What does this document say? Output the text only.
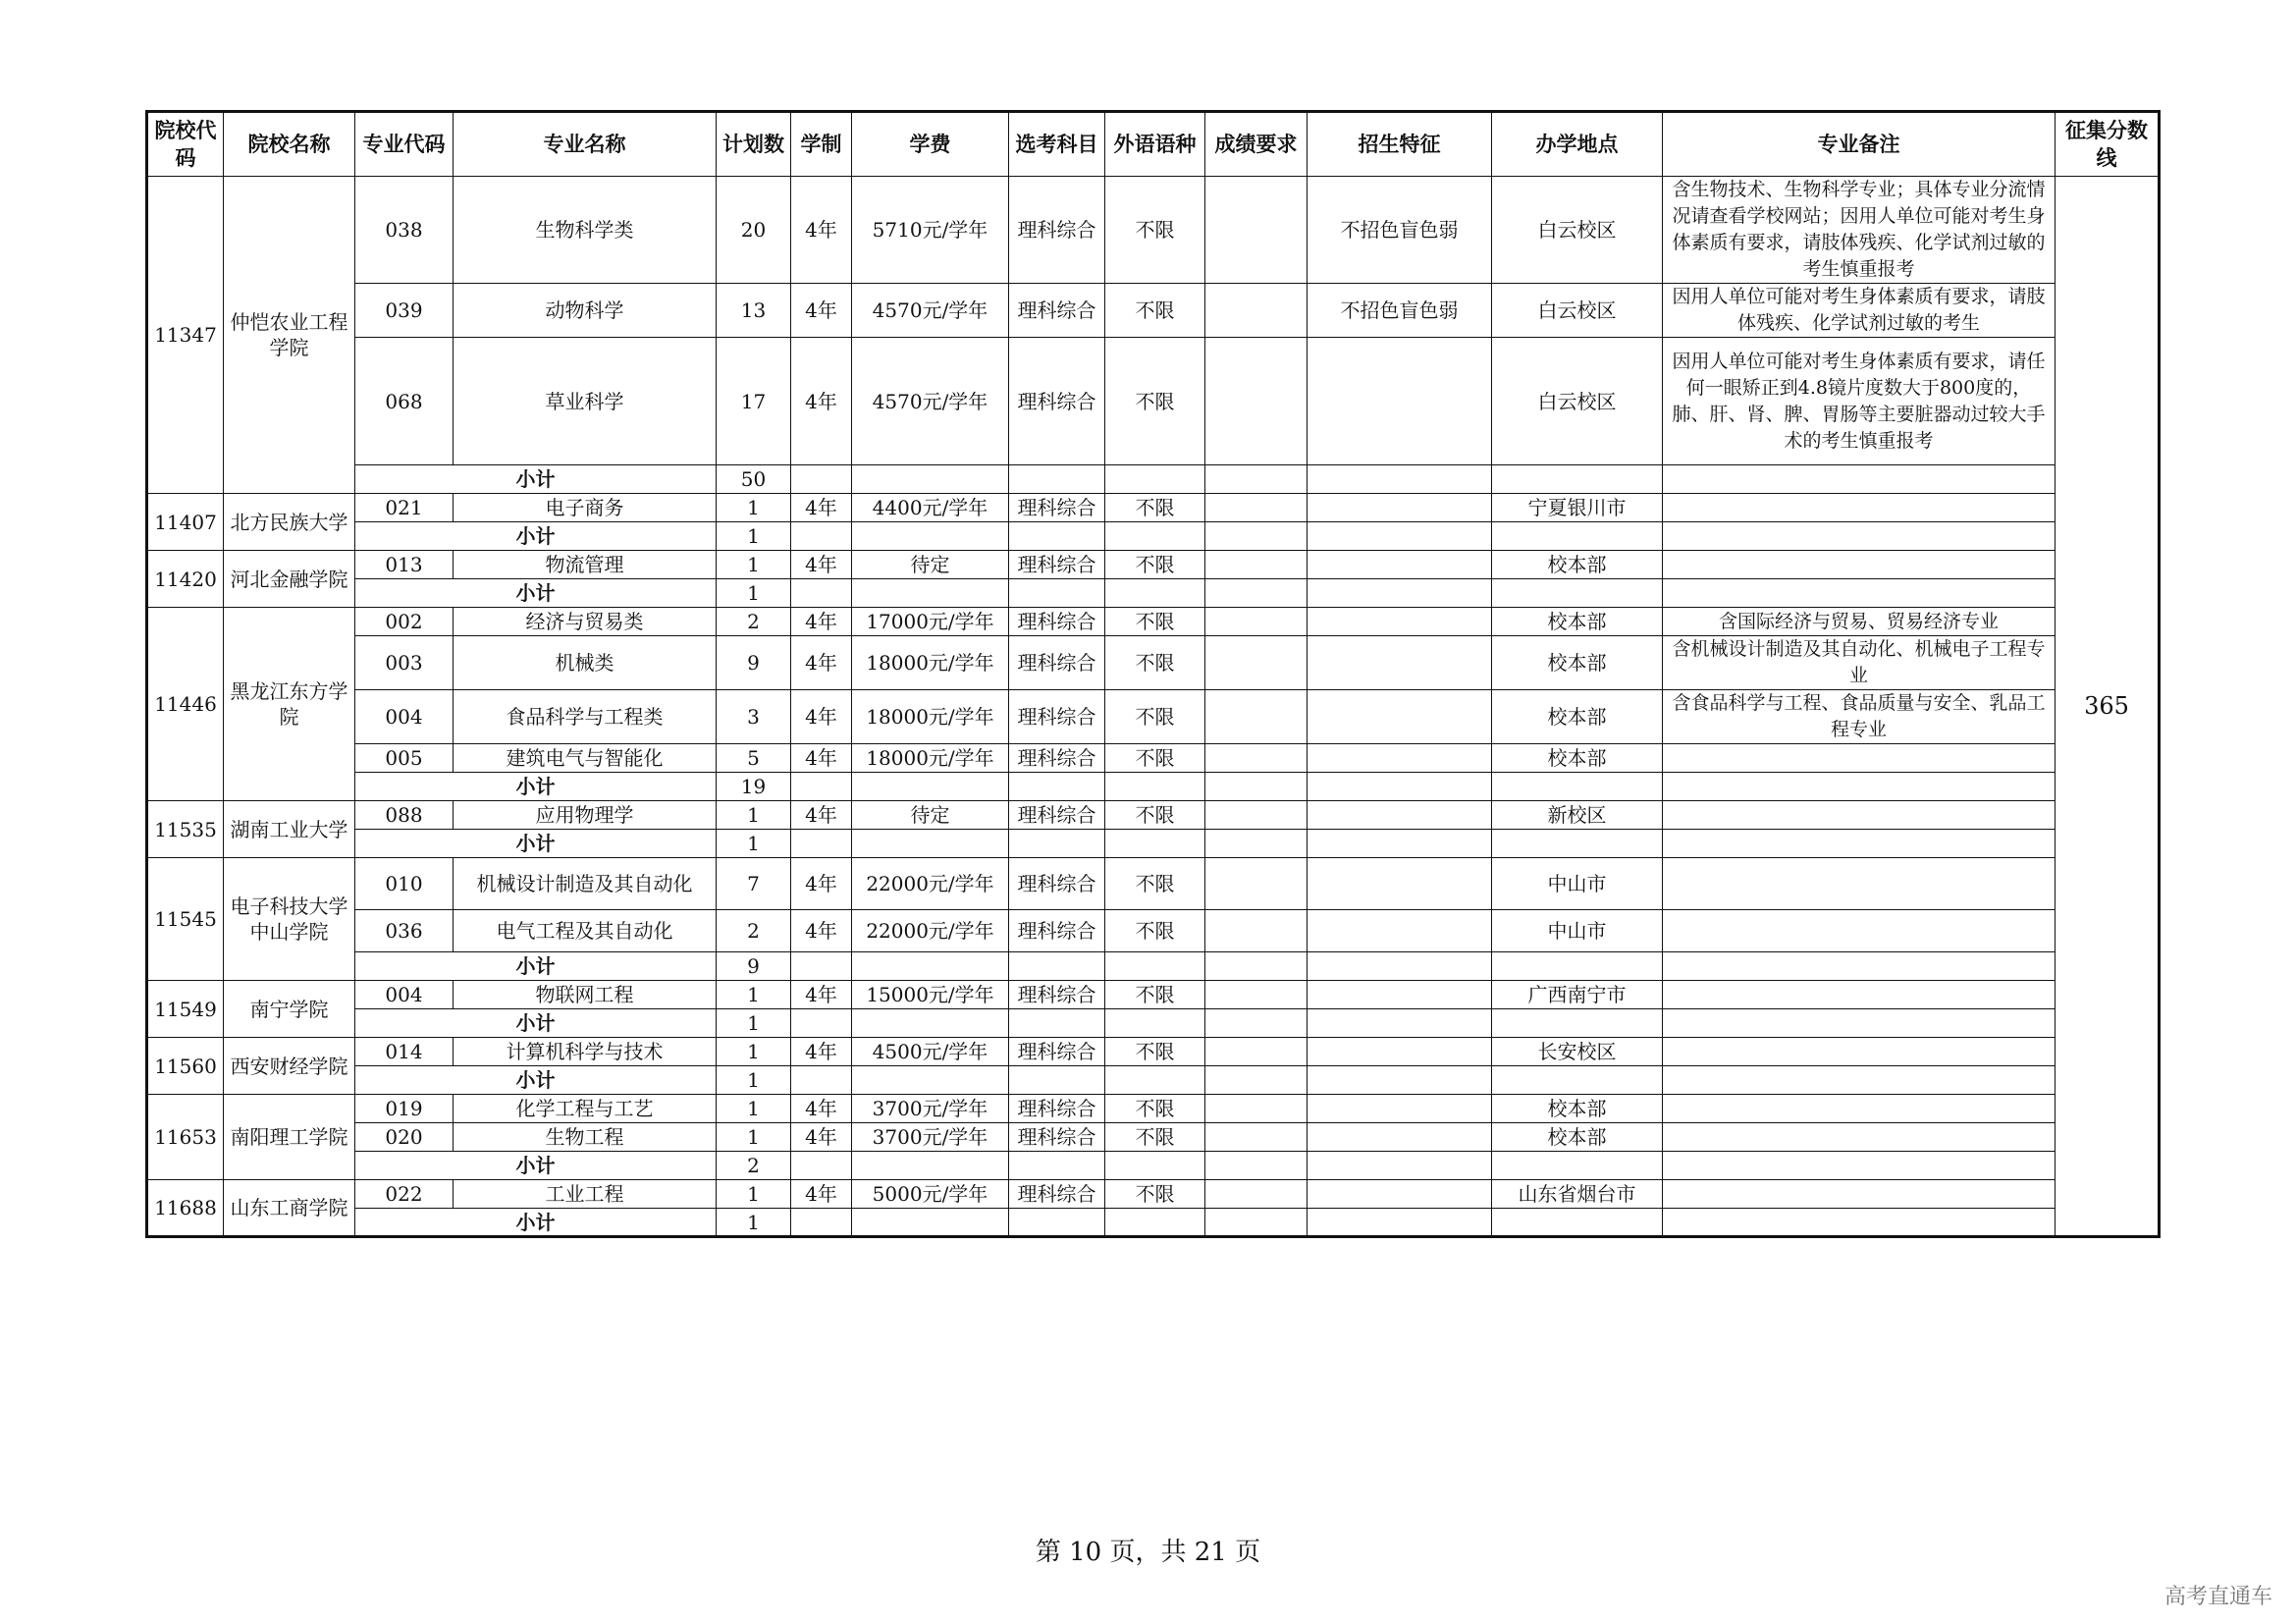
院校代码	院校名称	专业代码	专业名称	计划数	学制	学费	选考科目	外语语种	成绩要求	招生特征	办学地点	专业备注	征集分数线
11347	仲恺农业工程学院	038	生物科学类	20	4年	5710元/学年	理科综合	不限		不招色盲色弱	白云校区	含生物技术、生物科学专业；具体专业分流情况请查看学校网站；因用人单位可能对考生身体素质有要求，请肢体残疾、化学试剂过敏的考生慎重报考	365
		039	动物科学	13	4年	4570元/学年	理科综合	不限		不招色盲色弱	白云校区	因用人单位可能对考生身体素质有要求，请肢体残疾、化学试剂过敏的考生	
		068	草业科学	17	4年	4570元/学年	理科综合	不限			白云校区	因用人单位可能对考生身体素质有要求，请任何一眼矫正到4.8镜片度数大于800度的，肺、肝、肾、脾、胃肠等主要脏器动过较大手术的考生慎重报考	
		小计		50									
11407	北方民族大学	021	电子商务	1	4年	4400元/学年	理科综合	不限			宁夏银川市		
		小计		1									
11420	河北金融学院	013	物流管理	1	4年	待定	理科综合	不限			校本部		
		小计		1									
11446	黑龙江东方学院	002	经济与贸易类	2	4年	17000元/学年	理科综合	不限			校本部	含国际经济与贸易、贸易经济专业	
		003	机械类	9	4年	18000元/学年	理科综合	不限			校本部	含机械设计制造及其自动化、机械电子工程专业	
		004	食品科学与工程类	3	4年	18000元/学年	理科综合	不限			校本部	含食品科学与工程、食品质量与安全、乳品工程专业	
		005	建筑电气与智能化	5	4年	18000元/学年	理科综合	不限			校本部		
		小计		19									
11535	湖南工业大学	088	应用物理学	1	4年	待定	理科综合	不限			新校区		
		小计		1									
11545	电子科技大学中山学院	010	机械设计制造及其自动化	7	4年	22000元/学年	理科综合	不限			中山市		
		036	电气工程及其自动化	2	4年	22000元/学年	理科综合	不限			中山市		
		小计		9									
11549	南宁学院	004	物联网工程	1	4年	15000元/学年	理科综合	不限			广西南宁市		
		小计		1									
11560	西安财经学院	014	计算机科学与技术	1	4年	4500元/学年	理科综合	不限			长安校区		
		小计		1									
11653	南阳理工学院	019	化学工程与工艺	1	4年	3700元/学年	理科综合	不限			校本部		
		020	生物工程	1	4年	3700元/学年	理科综合	不限			校本部		
		小计		2									
11688	山东工商学院	022	工业工程	1	4年	5000元/学年	理科综合	不限			山东省烟台市		
		小计		1									
第 10 页，共 21 页
高考直通车
